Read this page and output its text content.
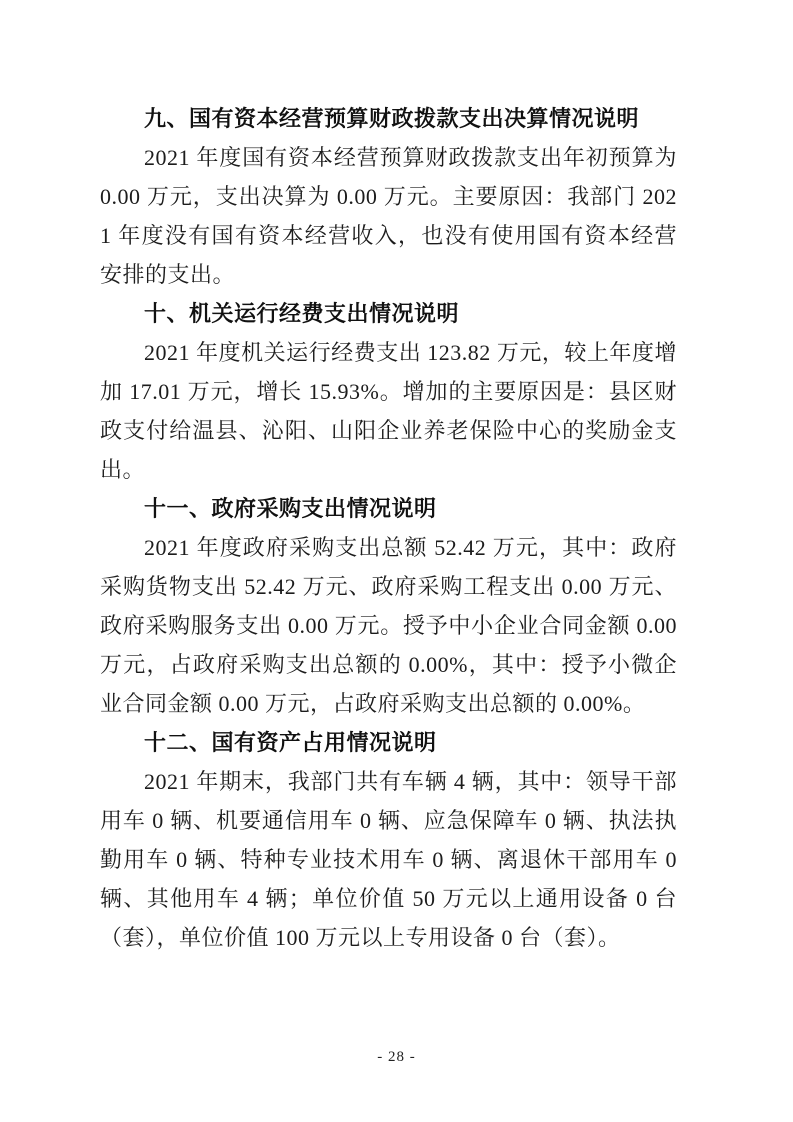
九、国有资本经营预算财政拨款支出决算情况说明

2021 年度国有资本经营预算财政拨款支出年初预算为 0.00 万元，支出决算为 0.00 万元。主要原因：我部门 2021 年度没有国有资本经营收入，也没有使用国有资本经营安排的支出。

十、机关运行经费支出情况说明

2021 年度机关运行经费支出 123.82 万元，较上年度增加 17.01 万元，增长 15.93%。增加的主要原因是：县区财政支付给温县、沁阳、山阳企业养老保险中心的奖励金支出。

十一、政府采购支出情况说明

2021 年度政府采购支出总额 52.42 万元，其中：政府采购货物支出 52.42 万元、政府采购工程支出 0.00 万元、政府采购服务支出 0.00 万元。授予中小企业合同金额 0.00 万元，占政府采购支出总额的 0.00%，其中：授予小微企业合同金额 0.00 万元，占政府采购支出总额的 0.00%。

十二、国有资产占用情况说明

2021 年期末，我部门共有车辆 4 辆，其中：领导干部用车 0 辆、机要通信用车 0 辆、应急保障车 0 辆、执法执勤用车 0 辆、特种专业技术用车 0 辆、离退休干部用车 0 辆、其他用车 4 辆；单位价值 50 万元以上通用设备 0 台（套），单位价值 100 万元以上专用设备 0 台（套）。

- 28 -
